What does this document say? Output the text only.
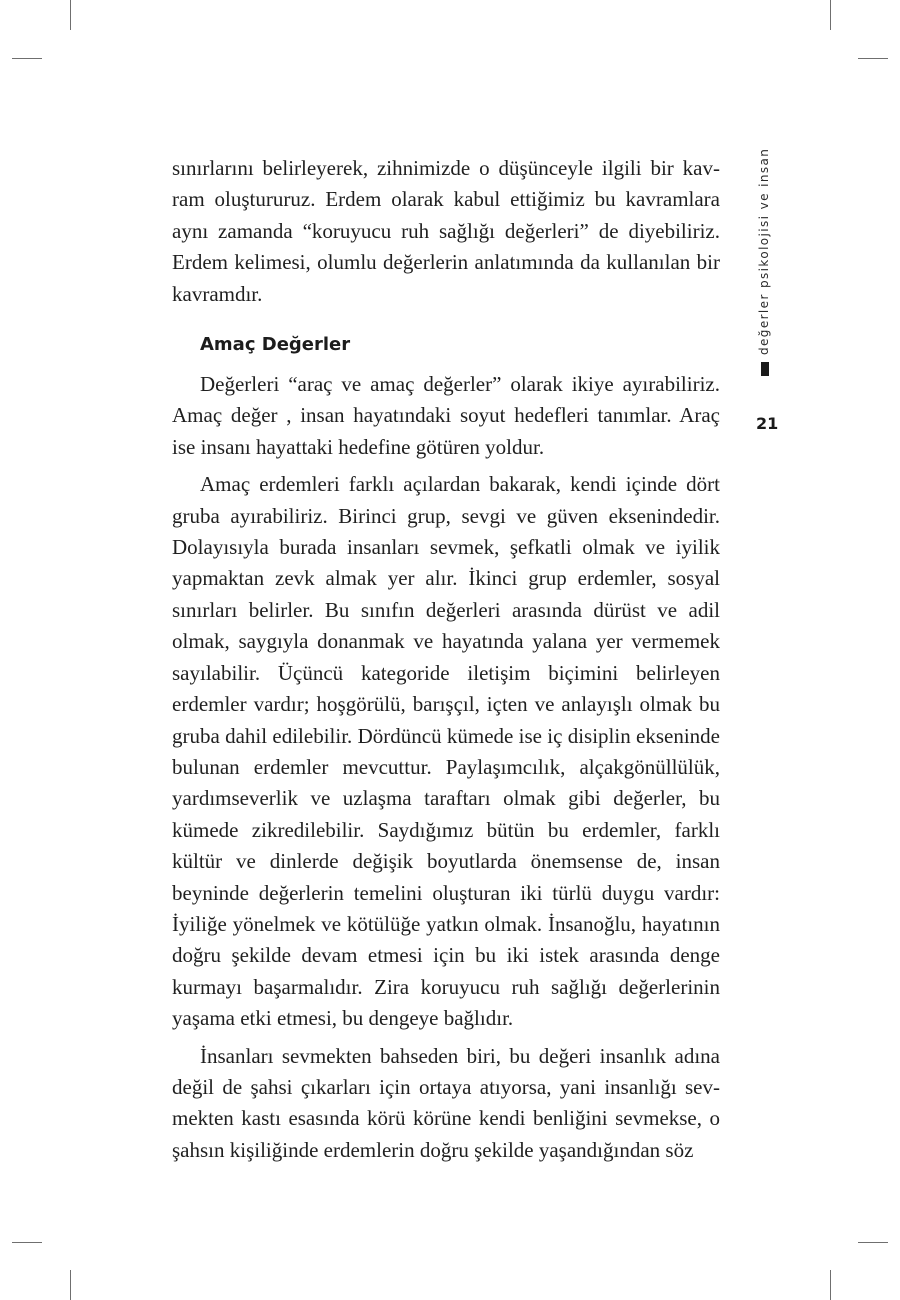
sınırlarını belirleyerek, zihnimizde o düşünceyle ilgili bir kavram oluştururuz. Erdem olarak kabul ettiğimiz bu kavramlara aynı zamanda “koruyucu ruh sağlığı değerleri” de diyebiliriz. Erdem kelimesi, olumlu değerlerin anlatımında da kullanılan bir kavramdır.

Amaç Değerler

Değerleri “araç ve amaç değerler” olarak ikiye ayırabiliriz. Amaç değer , insan hayatındaki soyut hedefleri tanımlar. Araç ise insanı hayattaki hedefine götüren yoldur.

Amaç erdemleri farklı açılardan bakarak, kendi içinde dört gruba ayırabiliriz. Birinci grup, sevgi ve güven eksenindedir. Dolayısıyla burada insanları sevmek, şefkatli olmak ve iyilik yapmaktan zevk almak yer alır. İkinci grup erdemler, sosyal sınırları belirler. Bu sınıfın değerleri arasında dürüst ve adil olmak, saygıyla donanmak ve hayatında yalana yer vermemek sayılabilir. Üçüncü kategoride iletişim biçimini belirleyen erdemler vardır; hoşgörülü, barışçıl, içten ve anlayışlı olmak bu gruba dahil edilebilir. Dördüncü kümede ise iç disiplin ekseninde bulunan erdemler mevcuttur. Paylaşımcılık, alçakgönüllülük, yardımseverlik ve uzlaşma taraftarı olmak gibi değerler, bu kümede zikredilebilir. Saydığımız bütün bu erdemler, farklı kültür ve dinlerde değişik boyutlarda önemsense de, insan beyninde değerlerin temelini oluşturan iki türlü duygu vardır: İyiliğe yönelmek ve kötülüğe yatkın olmak. İnsanoğlu, hayatının doğru şekilde devam etmesi için bu iki istek arasında denge kurmayı başarmalıdır. Zira koruyucu ruh sağlığı değerlerinin yaşama etki etmesi, bu dengeye bağlıdır.

İnsanları sevmekten bahseden biri, bu değeri insanlık adına değil de şahsi çıkarları için ortaya atıyorsa, yani insanlığı sevmekten kastı esasında körü körüne kendi benliğini sevmekse, o şahsın kişiliğinde erdemlerin doğru şekilde yaşandığından söz

değerler psikolojisi ve insan
21
